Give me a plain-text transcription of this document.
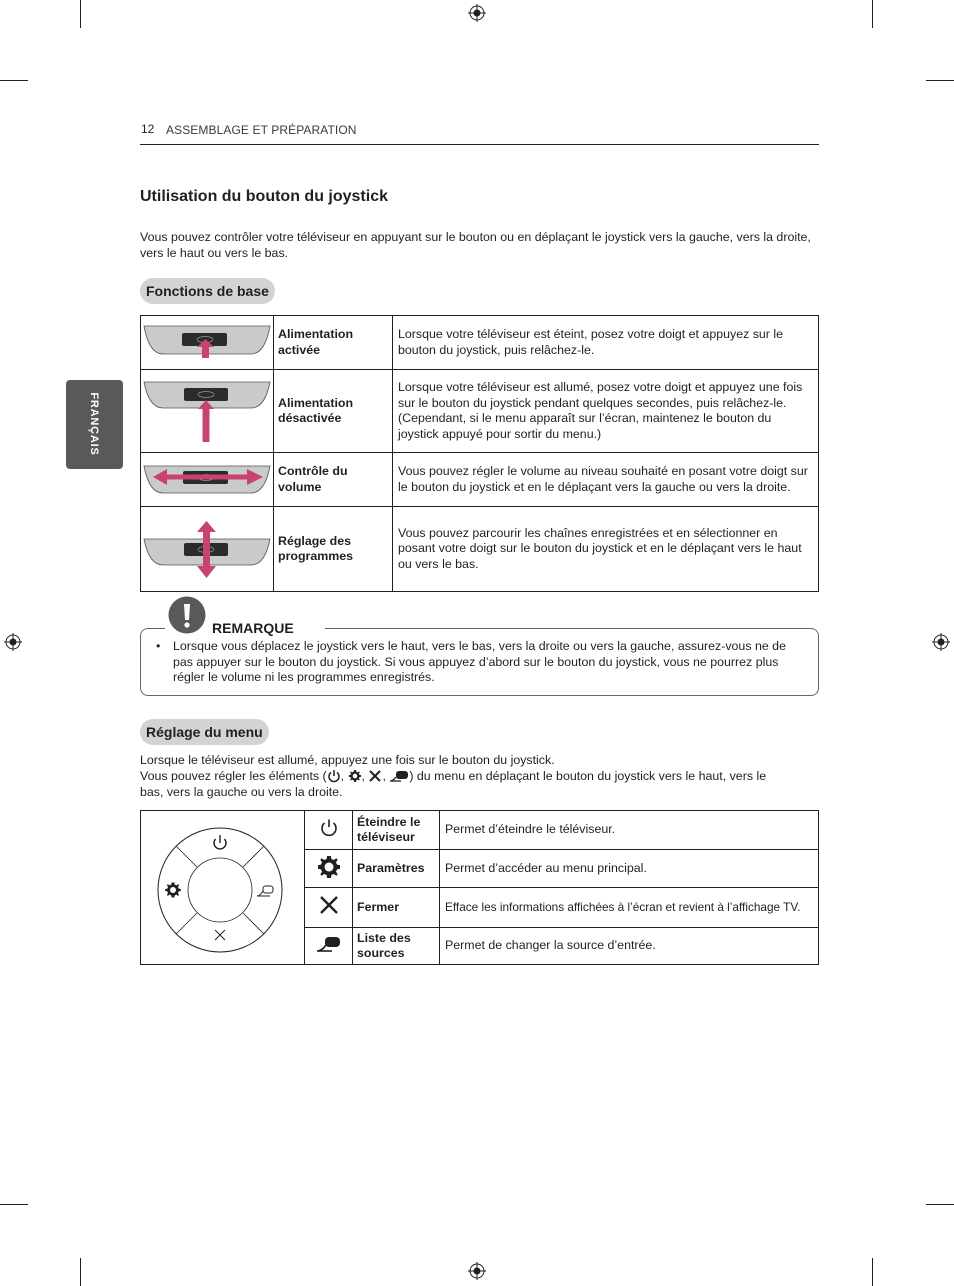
12 ASSEMBLAGE ET PRÉPARATION
FRANÇAIS
Utilisation du bouton du joystick
Vous pouvez contrôler votre téléviseur en appuyant sur le bouton ou en déplaçant le joystick vers la gauche, vers la droite, vers le haut ou vers le bas.
Fonctions de base
	Alimentation activée	Lorsque votre téléviseur est éteint, posez votre doigt et appuyez sur le bouton du joystick, puis relâchez-le.

	Alimentation désactivée	Lorsque votre téléviseur est allumé, posez votre doigt et appuyez une fois sur le bouton du joystick pendant quelques secondes, puis relâchez-le. (Cependant, si le menu apparaît sur l’écran, maintenez le bouton du joystick appuyé pour sortir du menu.)

	Contrôle du volume	Vous pouvez régler le volume au niveau souhaité en posant votre doigt sur le bouton du joystick et en le déplaçant vers la gauche ou vers la droite.

	Réglage des programmes	Vous pouvez parcourir les chaînes enregistrées et en sélectionner en posant votre doigt sur le bouton du joystick et en le déplaçant vers le haut ou vers le bas.
REMARQUE
• Lorsque vous déplacez le joystick vers le haut, vers le bas, vers la droite ou vers la gauche, assurez-vous ne de pas appuyer sur le bouton du joystick. Si vous appuyez d’abord sur le bouton du joystick, vous ne pourrez plus régler le volume ni les programmes enregistrés.
Réglage du menu
Lorsque le téléviseur est allumé, appuyez une fois sur le bouton du joystick.
Vous pouvez régler les éléments ( , , , ) du menu en déplaçant le bouton du joystick vers le haut, vers le
bas, vers la gauche ou vers la droite.
		Éteindre le téléviseur	Permet d’éteindre le téléviseur.
	Paramètres	Permet d’accéder au menu principal.
	Fermer	Efface les informations affichées à l’écran et revient à l’affichage TV.
	Liste des sources	Permet de changer la source d’entrée.
